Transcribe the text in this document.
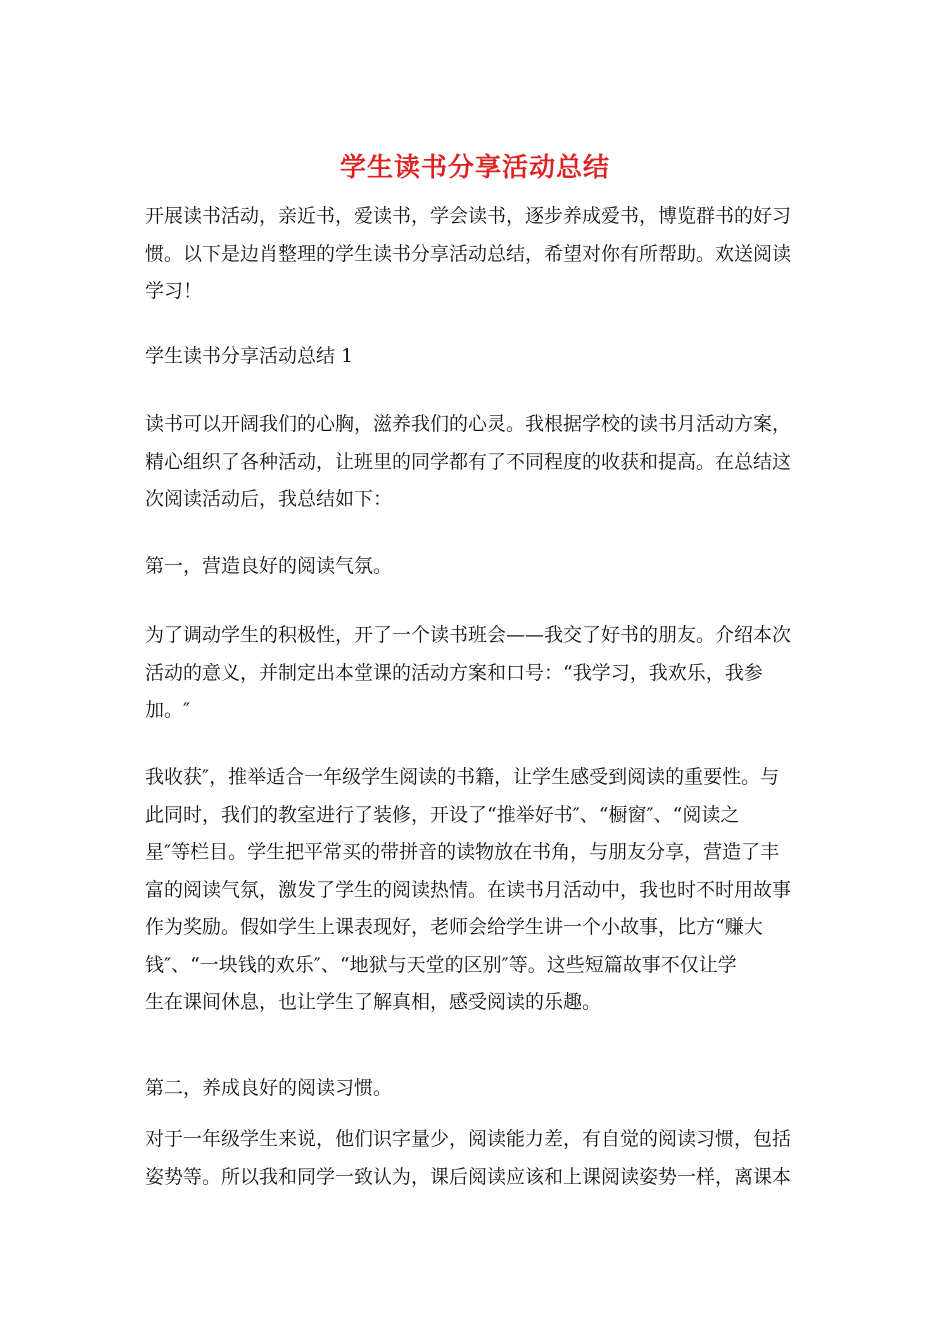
学生读书分享活动总结
开展读书活动，亲近书，爱读书，学会读书，逐步养成爱书，博览群书的好习
惯。以下是边肖整理的学生读书分享活动总结，希望对你有所帮助。欢送阅读
学习！
学生读书分享活动总结 1
读书可以开阔我们的心胸，滋养我们的心灵。我根据学校的读书月活动方案，
精心组织了各种活动，让班里的同学都有了不同程度的收获和提高。在总结这
次阅读活动后，我总结如下：
第一，营造良好的阅读气氛。
为了调动学生的积极性，开了一个读书班会——我交了好书的朋友。介绍本次
活动的意义，并制定出本堂课的活动方案和口号：“我学习，我欢乐，我参
加。″
我收获″，推举适合一年级学生阅读的书籍，让学生感受到阅读的重要性。与
此同时，我们的教室进行了装修，开设了“推举好书″、“橱窗″、“阅读之
星″等栏目。学生把平常买的带拼音的读物放在书角，与朋友分享，营造了丰
富的阅读气氛，激发了学生的阅读热情。在读书月活动中，我也时不时用故事
作为奖励。假如学生上课表现好，老师会给学生讲一个小故事，比方“赚大
钱″、“一块钱的欢乐″、“地狱与天堂的区别″等。这些短篇故事不仅让学
生在课间休息，也让学生了解真相，感受阅读的乐趣。
第二，养成良好的阅读习惯。
对于一年级学生来说，他们识字量少，阅读能力差，有自觉的阅读习惯，包括
姿势等。所以我和同学一致认为，课后阅读应该和上课阅读姿势一样，离课本
